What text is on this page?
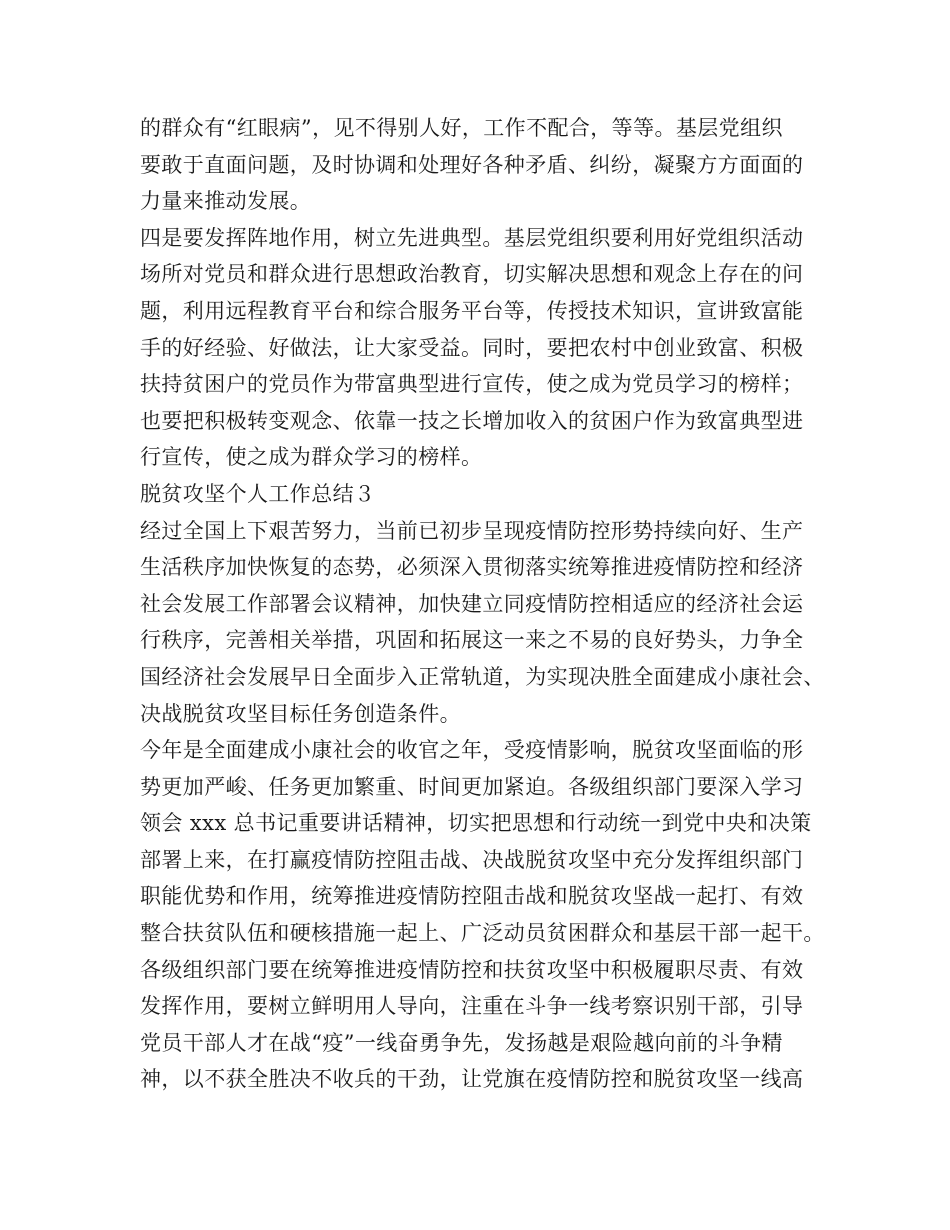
的群众有“红眼病”，见不得别人好，工作不配合，等等。基层党组织
要敢于直面问题，及时协调和处理好各种矛盾、纠纷，凝聚方方面面的
力量来推动发展。
四是要发挥阵地作用，树立先进典型。基层党组织要利用好党组织活动
场所对党员和群众进行思想政治教育，切实解决思想和观念上存在的问
题，利用远程教育平台和综合服务平台等，传授技术知识，宣讲致富能
手的好经验、好做法，让大家受益。同时，要把农村中创业致富、积极
扶持贫困户的党员作为带富典型进行宣传，使之成为党员学习的榜样；
也要把积极转变观念、依靠一技之长增加收入的贫困户作为致富典型进
行宣传，使之成为群众学习的榜样。
脱贫攻坚个人工作总结３
经过全国上下艰苦努力，当前已初步呈现疫情防控形势持续向好、生产
生活秩序加快恢复的态势，必须深入贯彻落实统筹推进疫情防控和经济
社会发展工作部署会议精神，加快建立同疫情防控相适应的经济社会运
行秩序，完善相关举措，巩固和拓展这一来之不易的良好势头，力争全
国经济社会发展早日全面步入正常轨道，为实现决胜全面建成小康社会、
决战脱贫攻坚目标任务创造条件。
今年是全面建成小康社会的收官之年，受疫情影响，脱贫攻坚面临的形
势更加严峻、任务更加繁重、时间更加紧迫。各级组织部门要深入学习
领会 xxx 总书记重要讲话精神，切实把思想和行动统一到党中央和决策
部署上来，在打赢疫情防控阻击战、决战脱贫攻坚中充分发挥组织部门
职能优势和作用，统筹推进疫情防控阻击战和脱贫攻坚战一起打、有效
整合扶贫队伍和硬核措施一起上、广泛动员贫困群众和基层干部一起干。
各级组织部门要在统筹推进疫情防控和扶贫攻坚中积极履职尽责、有效
发挥作用，要树立鲜明用人导向，注重在斗争一线考察识别干部，引导
党员干部人才在战“疫”一线奋勇争先，发扬越是艰险越向前的斗争精
神，以不获全胜决不收兵的干劲，让党旗在疫情防控和脱贫攻坚一线高
